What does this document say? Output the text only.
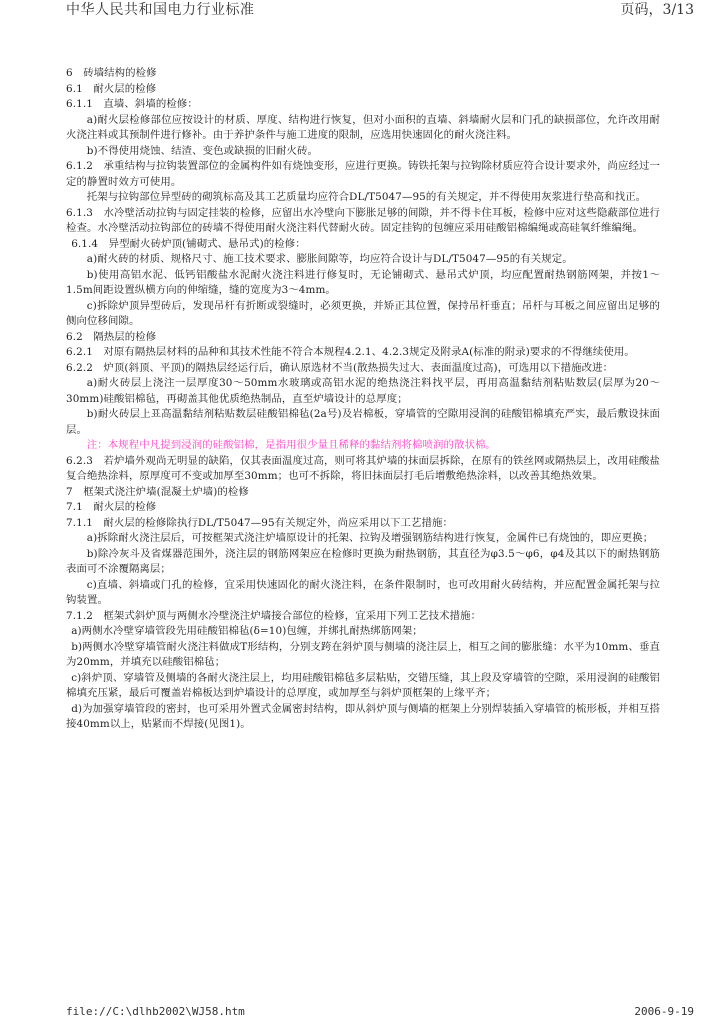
中华人民共和国电力行业标准	页码，3/13

6　砖墙结构的检修

6.1　耐火层的检修

6.1.1　直墙、斜墙的检修：

a)耐火层检修部位应按设计的材质、厚度、结构进行恢复，但对小面积的直墙、斜墙耐火层和门孔的缺损部位，允许改用耐火浇注料或其预制件进行修补。由于养护条件与施工进度的限制，应选用快速固化的耐火浇注料。

b)不得使用烧蚀、结渣、变色或缺损的旧耐火砖。

6.1.2　承重结构与拉钩装置部位的金属构件如有烧蚀变形，应进行更换。铸铁托架与拉钩除材质应符合设计要求外，尚应经过一定的静置时效方可使用。

托架与拉钩部位异型砖的砌筑标高及其工艺质量均应符合DL/T5047—95的有关规定，并不得使用灰浆进行垫高和找正。

6.1.3　水冷壁活动拉钩与固定挂装的检修，应留出水冷壁向下膨胀足够的间隙，并不得卡住耳板，检修中应对这些隐蔽部位进行检查。水冷壁活动拉钩部位的砖墙不得使用耐火浇注料代替耐火砖。固定挂钩的包缠应采用硅酸铝棉编绳或高硅氧纤维编绳。

6.1.4　异型耐火砖炉顶(铺砌式、悬吊式)的检修：

a)耐火砖的材质、规格尺寸、施工技术要求、膨胀间隙等，均应符合设计与DL/T5047—95的有关规定。

b)使用高铝水泥、低钙铝酸盐水泥耐火浇注料进行修复时，无论铺砌式、悬吊式炉顶，均应配置耐热钢筋网架，并按1～1.5m间距设置纵横方向的伸缩缝，缝的宽度为3～4mm。

c)拆除炉顶异型砖后，发现吊杆有折断或裂缝时，必须更换，并矫正其位置，保持吊杆垂直；吊杆与耳板之间应留出足够的侧向位移间隙。

6.2　隔热层的检修

6.2.1　对原有隔热层材料的品种和其技术性能不符合本规程4.2.1、4.2.3规定及附录A(标准的附录)要求的不得继续使用。

6.2.2　炉顶(斜顶、平顶)的隔热层经运行后，确认原选材不当(散热损失过大、表面温度过高)，可选用以下措施改进：

a)耐火砖层上浇注一层厚度30～50mm水玻璃或高铝水泥的绝热浇注料找平层，再用高温黏结剂粘贴数层(层厚为20～30mm)硅酸铝棉毡，再砌盖其他优质绝热制品，直至炉墙设计的总厚度；

b)耐火砖层上표高温黏结剂粘贴数层硅酸铝棉毡(2a号)及岩棉板，穿墙管的空隙用浸润的硅酸铝棉填充严实，最后敷设抹面层。

注：本规程中凡提到浸润的硅酸铝棉，是指用很少量且稀释的黏结剂将棉喷润的散状棉。

6.2.3　若炉墙外观尚无明显的缺陷，仅其表面温度过高，则可将其炉墙的抹面层拆除，在原有的铁丝网或隔热层上，改用硅酸盐复合绝热涂料，原厚度可不变或加厚至30mm；也可不拆除，将旧抹面层打毛后增敷绝热涂料，以改善其绝热效果。

7　框架式浇注炉墙(混凝土炉墙)的检修

7.1　耐火层的检修

7.1.1　耐火层的检修除执行DL/T5047—95有关规定外，尚应采用以下工艺措施：

a)拆除耐火浇注层后，可按框架式浇注炉墙原设计的托架、拉钩及增强钢筋结构进行恢复，金属件已有烧蚀的，即应更换；

b)除冷灰斗及省煤器范围外，浇注层的钢筋网架应在检修时更换为耐热钢筋，其直径为φ3.5～φ6，φ4及其以下的耐热钢筋表面可不涂覆隔离层；

c)直墙、斜墙或门孔的检修，宜采用快速固化的耐火浇注料，在条件限制时，也可改用耐火砖结构，并应配置金属托架与拉钩装置。

7.1.2　框架式斜炉顶与两侧水冷壁浇注炉墙接合部位的检修，宜采用下列工艺技术措施：

a)两侧水冷壁穿墙管段先用硅酸铝棉毡(δ=10)包缠，并绑扎耐热绑筋网架；

b)两侧水冷壁穿墙管耐火浇注料做成T形结构，分别支跨在斜炉顶与侧墙的浇注层上，相互之间的膨胀缝：水平为10mm、垂直为20mm，并填充以硅酸铝棉毡；

c)斜炉顶、穿墙管及侧墙的各耐火浇注层上，均用硅酸铝棉毡多层粘贴，交错压缝，其上段及穿墙管的空隙，采用浸润的硅酸铝棉填充压紧，最后可覆盖岩棉板达到炉墙设计的总厚度，或加厚至与斜炉顶框架的上缘平齐；

d)为加强穿墙管段的密封，也可采用外置式金属密封结构，即从斜炉顶与侧墙的框架上分别焊装插入穿墙管的梳形板，并相互搭接40mm以上，贴紧而不焊接(见图1)。

file://C:\dlhb2002\WJ58.htm	2006-9-19
